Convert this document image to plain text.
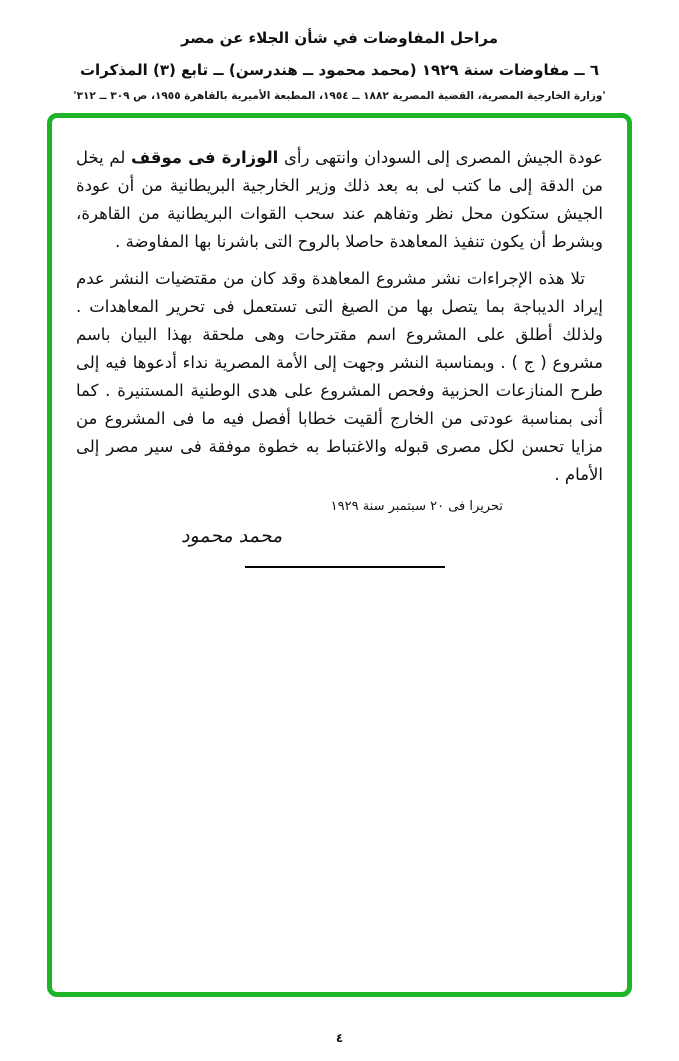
مراحل المفاوضات في شأن الجلاء عن مصر
٦ ــ مفاوضات سنة ١٩٢٩ (محمد محمود ــ هندرسن) ــ تابع (٣) المذكرات
'وزارة الخارجية المصرية، القضية المصرية ١٨٨٢ ــ ١٩٥٤، المطبعة الأميرية بالقاهرة ١٩٥٥، ص ٣٠٩ ــ ٣١٢'

عودة الجيش المصرى إلى السودان وانتهى رأى الوزارة فى موقف لم يخل من الدقة إلى ما كتب لى به بعد ذلك وزير الخارجية البريطانية من أن عودة الجيش ستكون محل نظر وتفاهم عند سحب القوات البريطانية من القاهرة، وبشرط أن يكون تنفيذ المعاهدة حاصلا بالروح التى باشرنا بها المفاوضة .

تلا هذه الإجراءات نشر مشروع المعاهدة وقد كان من مقتضيات النشر عدم إيراد الديباجة بما يتصل بها من الصيغ التى تستعمل فى تحرير المعاهدات . ولذلك أطلق على المشروع اسم مقترحات وهى ملحقة بهذا البيان باسم مشروع ( ج ) . وبمناسبة النشر وجهت إلى الأمة المصرية نداء أدعوها فيه إلى طرح المنازعات الحزبية وفحص المشروع على هدى الوطنية المستنيرة . كما أنى بمناسبة عودتى من الخارج ألقيت خطابا أفصل فيه ما فى المشروع من مزايا تحسن لكل مصرى قبوله والاغتباط به خطوة موفقة فى سير مصر إلى الأمام .

تحريرا فى ٢٠ سبتمبر سنة ١٩٢٩
محمد محمود
٤
